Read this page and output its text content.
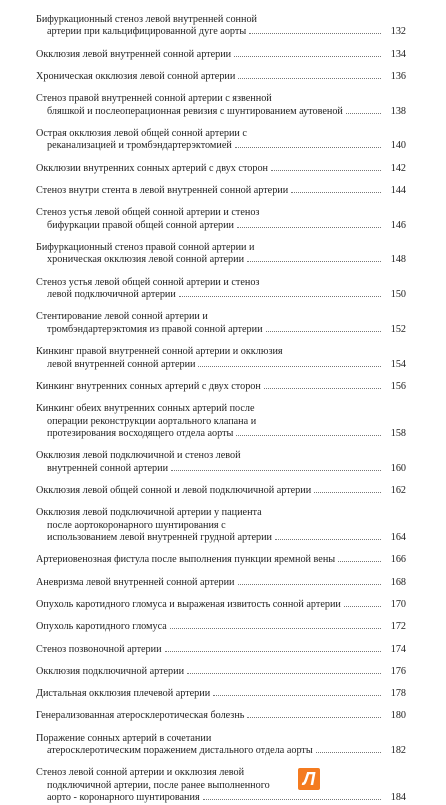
Бифуркационный стеноз левой внутренней сонной
артерии при кальцифицированной дуге аорты	132
Окклюзия левой внутренней сонной артерии	134
Хроническая окклюзия левой сонной артерии	136
Стеноз правой внутренней сонной артерии с язвенной
бляшкой и послеоперационная ревизия с шунтированием аутовеной	138
Острая окклюзия левой общей сонной артерии с
реканализацией и тромбэндартерэктомией	140
Окклюзии внутренних сонных артерий с двух сторон	142
Стеноз внутри стента в левой внутренней сонной артерии	144
Стеноз устья левой общей сонной артерии и стеноз
бифуркации правой общей сонной артерии	146
Бифуркационный стеноз правой сонной артерии и
хроническая окклюзия левой сонной артерии	148
Стеноз устья левой общей сонной артерии и стеноз
левой подключичной артерии	150
Стентирование левой сонной артерии и
тромбэндартерэктомия из правой сонной артерии	152
Кинкинг правой внутренней сонной артерии и окклюзия
левой внутренней сонной артерии	154
Кинкинг внутренних сонных артерий с двух сторон	156
Кинкинг обеих внутренних сонных артерий после
операции реконструкции аортального клапана и
протезирования восходящего отдела аорты	158
Окклюзия левой подключичной и стеноз левой
внутренней сонной артерии	160
Окклюзия левой общей сонной и левой подключичной артерии	162
Окклюзия левой подключичной артерии у пациента
после аортокоронарного шунтирования с
использованием левой внутренней грудной артерии	164
Артериовенозная фистула после выполнения пункции яремной вены	166
Аневризма левой внутренней сонной артерии	168
Опухоль каротидного гломуса и выраженая извитость сонной артерии	170
Опухоль каротидного гломуса	172
Стеноз позвоночной артерии	174
Окклюзия подключичной артерии	176
Дистальная окклюзия плечевой артерии	178
Генерализованная атеросклеротическая болезнь	180
Поражение сонных артерий в сочетании
атеросклеротическим поражением дистального отдела аорты	182
Стеноз левой сонной артерии и окклюзия левой
подключичной артерии, после ранее выполненного
аорто - коронарного шунтирования	184
Л
